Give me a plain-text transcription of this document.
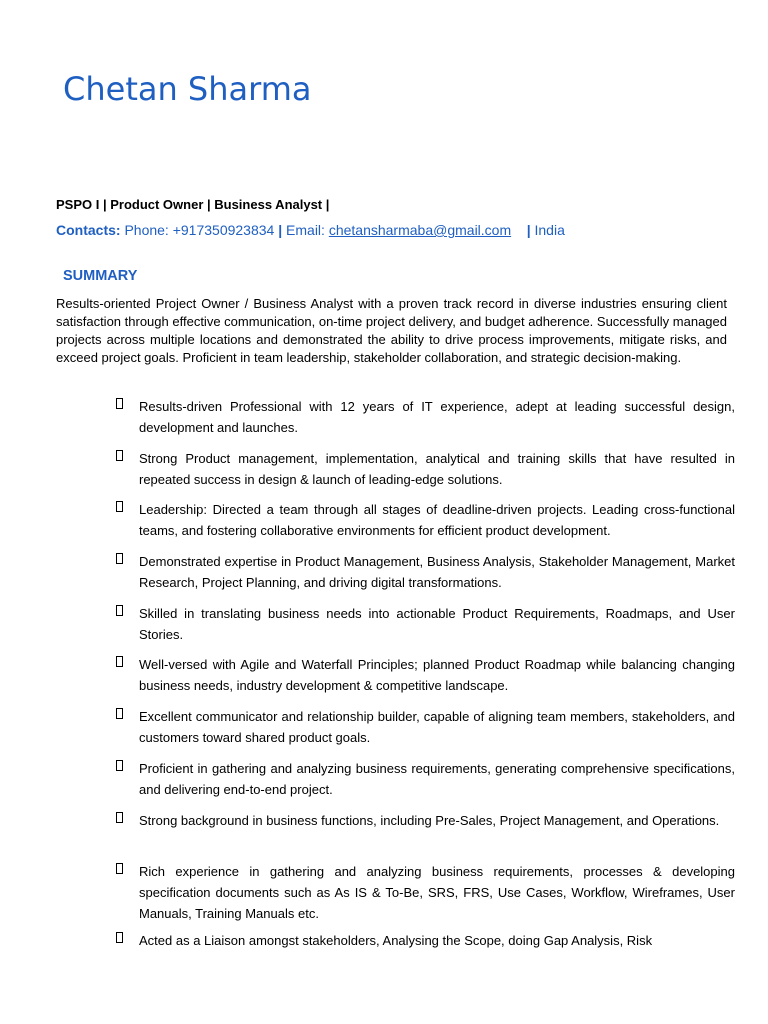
Chetan Sharma
PSPO I | Product Owner | Business Analyst |
Contacts: Phone: +917350923834 | Email: chetansharmaba@gmail.com | India
SUMMARY
Results-oriented Project Owner / Business Analyst with a proven track record in diverse industries ensuring client satisfaction through effective communication, on-time project delivery, and budget adherence. Successfully managed projects across multiple locations and demonstrated the ability to drive process improvements, mitigate risks, and exceed project goals. Proficient in team leadership, stakeholder collaboration, and strategic decision-making.
Results-driven Professional with 12 years of IT experience, adept at leading successful design, development and launches.
Strong Product management, implementation, analytical and training skills that have resulted in repeated success in design & launch of leading-edge solutions.
Leadership: Directed a team through all stages of deadline-driven projects. Leading cross-functional teams, and fostering collaborative environments for efficient product development.
Demonstrated expertise in Product Management, Business Analysis, Stakeholder Management, Market Research, Project Planning, and driving digital transformations.
Skilled in translating business needs into actionable Product Requirements, Roadmaps, and User Stories.
Well-versed with Agile and Waterfall Principles; planned Product Roadmap while balancing changing business needs, industry development & competitive landscape.
Excellent communicator and relationship builder, capable of aligning team members, stakeholders, and customers toward shared product goals.
Proficient in gathering and analyzing business requirements, generating comprehensive specifications, and delivering end-to-end project.
Strong background in business functions, including Pre-Sales, Project Management, and Operations.
Rich experience in gathering and analyzing business requirements, processes & developing specification documents such as As IS & To-Be, SRS, FRS, Use Cases, Workflow, Wireframes, User Manuals, Training Manuals etc.
Acted as a Liaison amongst stakeholders, Analysing the Scope, doing Gap Analysis, Risk
